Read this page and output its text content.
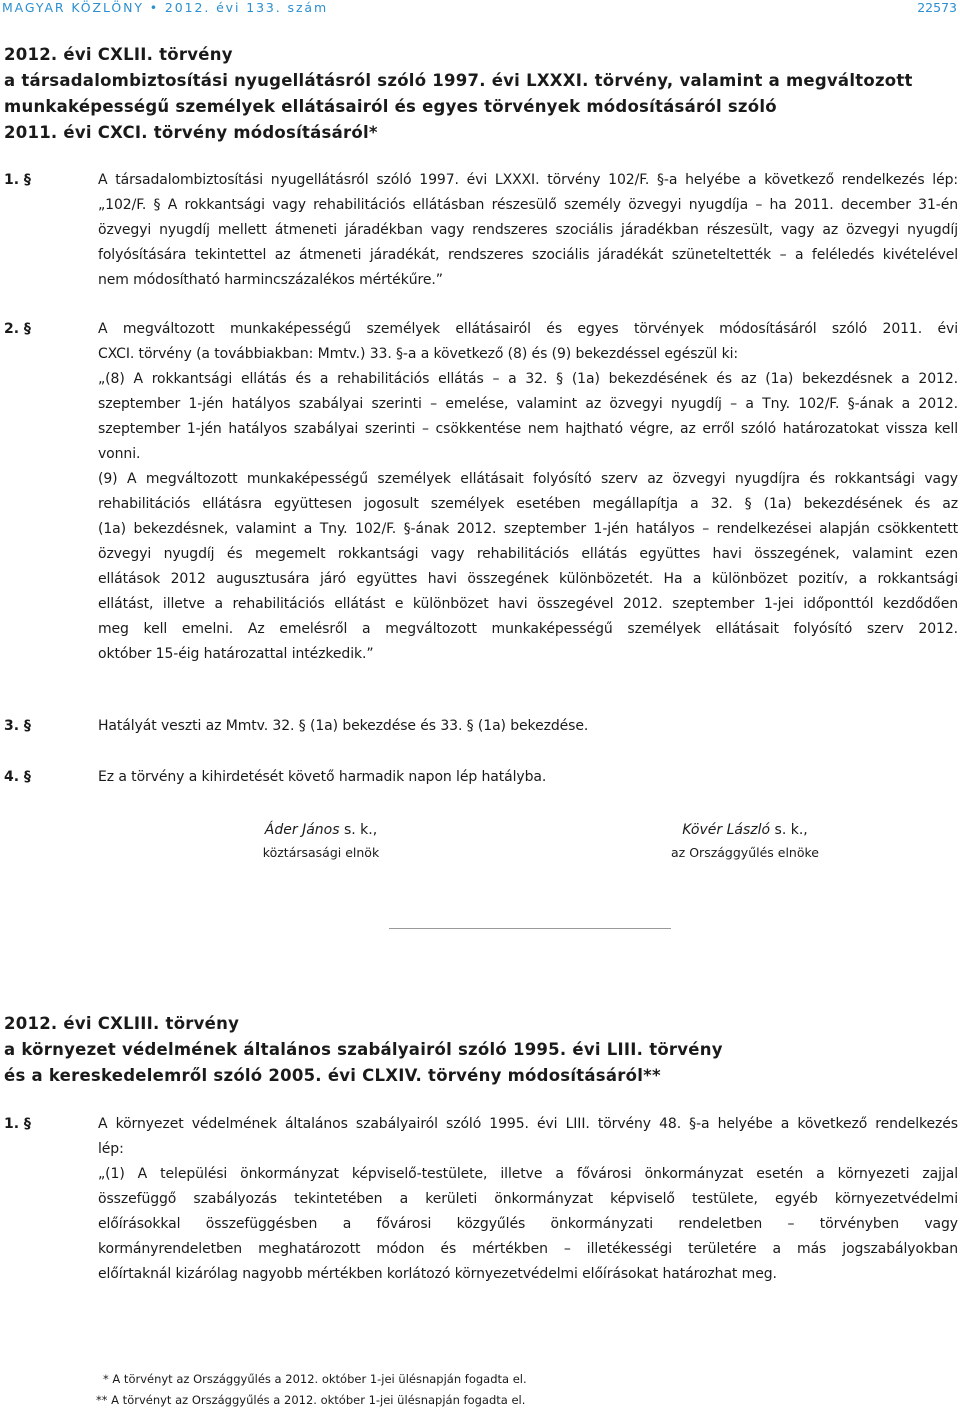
MAGYAR KÖZLÖNY • 2012. évi 133. szám	22573
2012. évi CXLII. törvény
a társadalombiztosítási nyugellátásról szóló 1997. évi LXXXI. törvény, valamint a megváltozott
munkaképességű személyek ellátásairól és egyes törvények módosításáról szóló
2011. évi CXCI. törvény módosításáról*
1. §	A társadalombiztosítási nyugellátásról szóló 1997. évi LXXXI. törvény 102/F. §-a helyébe a következő rendelkezés lép:
„102/F. § A rokkantsági vagy rehabilitációs ellátásban részesülő személy özvegyi nyugdíja – ha 2011. december 31-én
özvegyi nyugdíj mellett átmeneti járadékban vagy rendszeres szociális járadékban részesült, vagy az özvegyi nyugdíj
folyósítására tekintettel az átmeneti járadékát, rendszeres szociális járadékát szüneteltették – a feléledés kivételével
nem módosítható harmincszázalékos mértékűre.”
2. §	A megváltozott munkaképességű személyek ellátásairól és egyes törvények módosításáról szóló 2011. évi
CXCI. törvény (a továbbiakban: Mmtv.) 33. §-a a következő (8) és (9) bekezdéssel egészül ki:
„(8) A rokkantsági ellátás és a rehabilitációs ellátás – a 32. § (1a) bekezdésének és az (1a) bekezdésnek a 2012.
szeptember 1-jén hatályos szabályai szerinti – emelése, valamint az özvegyi nyugdíj – a Tny. 102/F. §-ának a 2012.
szeptember 1-jén hatályos szabályai szerinti – csökkentése nem hajtható végre, az erről szóló határozatokat vissza kell
vonni.
(9) A megváltozott munkaképességű személyek ellátásait folyósító szerv az özvegyi nyugdíjra és rokkantsági vagy
rehabilitációs ellátásra együttesen jogosult személyek esetében megállapítja a 32. § (1a) bekezdésének és az
(1a) bekezdésnek, valamint a Tny. 102/F. §-ának 2012. szeptember 1-jén hatályos – rendelkezései alapján csökkentett
özvegyi nyugdíj és megemelt rokkantsági vagy rehabilitációs ellátás együttes havi összegének, valamint ezen
ellátások 2012 augusztusára járó együttes havi összegének különbözetét. Ha a különbözet pozitív, a rokkantsági
ellátást, illetve a rehabilitációs ellátást e különbözet havi összegével 2012. szeptember 1-jei időponttól kezdődően
meg kell emelni. Az emelésről a megváltozott munkaképességű személyek ellátásait folyósító szerv 2012.
október 15-éig határozattal intézkedik.”
3. §	Hatályát veszti az Mmtv. 32. § (1a) bekezdése és 33. § (1a) bekezdése.
4. §	Ez a törvény a kihirdetését követő harmadik napon lép hatályba.
Áder János s. k.,
köztársasági elnök
Kövér László s. k.,
az Országgyűlés elnöke
2012. évi CXLIII. törvény
a környezet védelmének általános szabályairól szóló 1995. évi LIII. törvény
és a kereskedelemről szóló 2005. évi CLXIV. törvény módosításáról**
1. §	A környezet védelmének általános szabályairól szóló 1995. évi LIII. törvény 48. §-a helyébe a következő rendelkezés
lép:
„(1) A települési önkormányzat képviselő-testülete, illetve a fővárosi önkormányzat esetén a környezeti zajjal
összefüggő szabályozás tekintetében a kerületi önkormányzat képviselő testülete, egyéb környezetvédelmi
előírásokkal összefüggésben a fővárosi közgyűlés önkormányzati rendeletben – törvényben vagy
kormányrendeletben meghatározott módon és mértékben – illetékességi területére a más jogszabályokban
előírtaknál kizárólag nagyobb mértékben korlátozó környezetvédelmi előírásokat határozhat meg.
* A törvényt az Országgyűlés a 2012. október 1-jei ülésnapján fogadta el.
** A törvényt az Országgyűlés a 2012. október 1-jei ülésnapján fogadta el.
